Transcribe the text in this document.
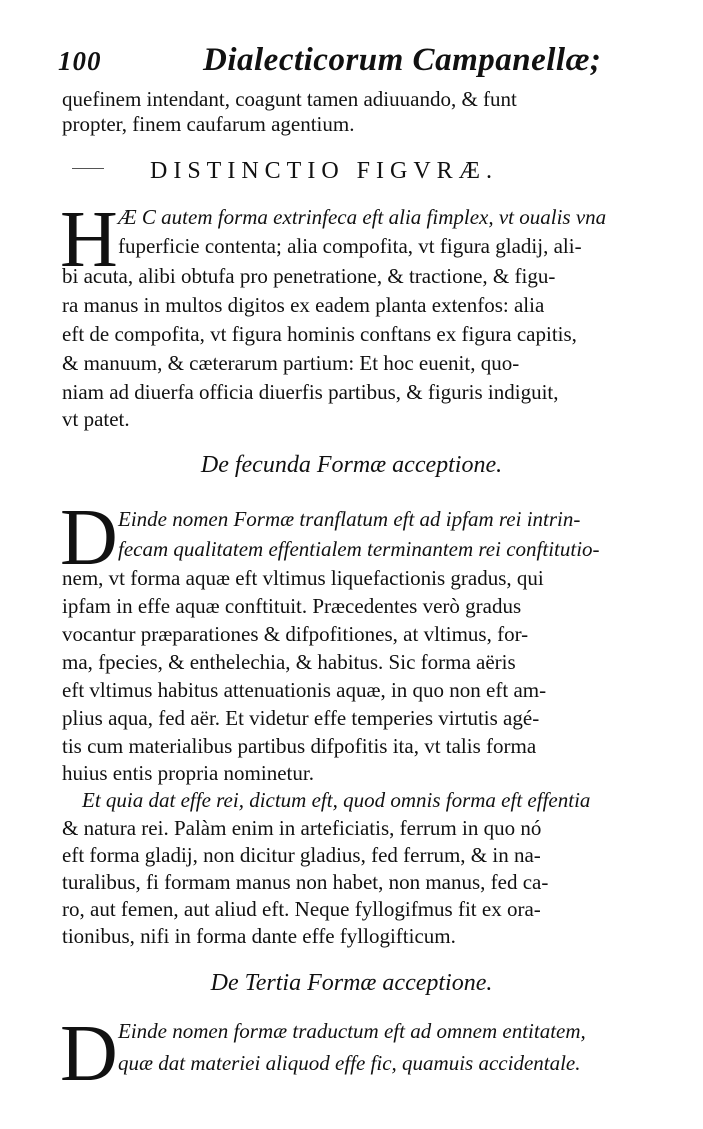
100	Dialecticorum Campanellæ;
quefinem intendant, coagunt tamen adiuuando, & funt
propter, finem caufarum agentium.
DISTINCTIO FIGVRÆ.
H Æ C autem forma extrinfeca eft alia fimplex, vt oualis vna
fuperficie contenta; alia compofita, vt figura gladij, ali-
bi acuta, alibi obtufa pro penetratione, & tractione, & figu-
ra manus in multos digitos ex eadem planta extenfos: alia
eft de compofita, vt figura hominis conftans ex figura capitis,
& manuum, & cæterarum partium: Et hoc euenit, quo-
niam ad diuerfa officia diuerfis partibus, & figuris indiguit,
vt patet.
De fecunda Formæ acceptione.
D Einde nomen Formæ tranflatum eft ad ipfam rei intrin-
fecam qualitatem effentialem terminantem rei conftitutio-
nem, vt forma aquæ eft vltimus liquefactionis gradus, qui
ipfam in effe aquæ conftituit. Præcedentes verò gradus
vocantur præparationes & difpofitiones, at vltimus, for-
ma, fpecies, & enthelechia, & habitus. Sic forma aëris
eft vltimus habitus attenuationis aquæ, in quo non eft am-
plius aqua, fed aër. Et videtur effe temperies virtutis agé-
tis cum materialibus partibus difpofitis ita, vt talis forma
huius entis propria nominetur.
Et quia dat effe rei, dictum eft, quod omnis forma eft effentia
& natura rei. Palàm enim in arteficiatis, ferrum in quo nó
eft forma gladij, non dicitur gladius, fed ferrum, & in na-
turalibus, fi formam manus non habet, non manus, fed ca-
ro, aut femen, aut aliud eft. Neque fyllogifmus fit ex ora-
tionibus, nifi in forma dante effe fyllogifticum.
De Tertia Formæ acceptione.
D Einde nomen formæ traductum eft ad omnem entitatem,
quæ dat materiei aliquod effe fic, quamuis accidentale.
